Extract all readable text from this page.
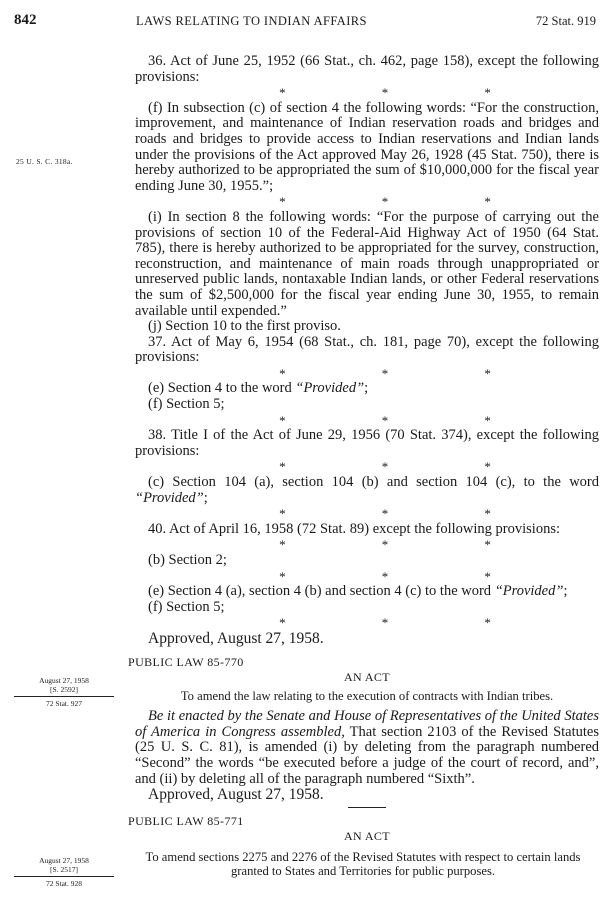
842	LAWS RELATING TO INDIAN AFFAIRS	72 Stat. 919
25 U. S. C. 318a.
August 27, 1958
[S. 2592]
72 Stat. 927
August 27, 1958
[S. 2517]
72 Stat. 928

36. Act of June 25, 1952 (66 Stat., ch. 462, page 158), except the following provisions:

*	*	*

(f) In subsection (c) of section 4 the following words: “For the construction, improvement, and maintenance of Indian reservation roads and bridges and roads and bridges to provide access to Indian reservations and Indian lands under the provisions of the Act approved May 26, 1928 (45 Stat. 750), there is hereby authorized to be appropriated the sum of $10,000,000 for the fiscal year ending June 30, 1955.”;

*	*	*

(i) In section 8 the following words: “For the purpose of carrying out the provisions of section 10 of the Federal-Aid Highway Act of 1950 (64 Stat. 785), there is hereby authorized to be appropriated for the survey, construction, reconstruction, and maintenance of main roads through unappropriated or unreserved public lands, nontaxable Indian lands, or other Federal reservations the sum of $2,500,000 for the fiscal year ending June 30, 1955, to remain available until expended.”

(j) Section 10 to the first proviso.

37. Act of May 6, 1954 (68 Stat., ch. 181, page 70), except the following provisions:

*	*	*

(e) Section 4 to the word “Provided”;

(f) Section 5;

*	*	*

38. Title I of the Act of June 29, 1956 (70 Stat. 374), except the following provisions:

*	*	*

(c) Section 104 (a), section 104 (b) and section 104 (c), to the word “Provided”;

*	*	*

40. Act of April 16, 1958 (72 Stat. 89) except the following provisions:

*	*	*

(b) Section 2;

*	*	*

(e) Section 4 (a), section 4 (b) and section 4 (c) to the word “Provided”;

(f) Section 5;

*	*	*

Approved, August 27, 1958.

PUBLIC LAW 85-770

AN ACT

To amend the law relating to the execution of contracts with Indian tribes.

Be it enacted by the Senate and House of Representatives of the United States of America in Congress assembled, That section 2103 of the Revised Statutes (25 U. S. C. 81), is amended (i) by deleting from the paragraph numbered “Second” the words “be executed before a judge of the court of record, and”, and (ii) by deleting all of the paragraph numbered “Sixth”.

Approved, August 27, 1958.

PUBLIC LAW 85-771

AN ACT

To amend sections 2275 and 2276 of the Revised Statutes with respect to certain lands granted to States and Territories for public purposes.
